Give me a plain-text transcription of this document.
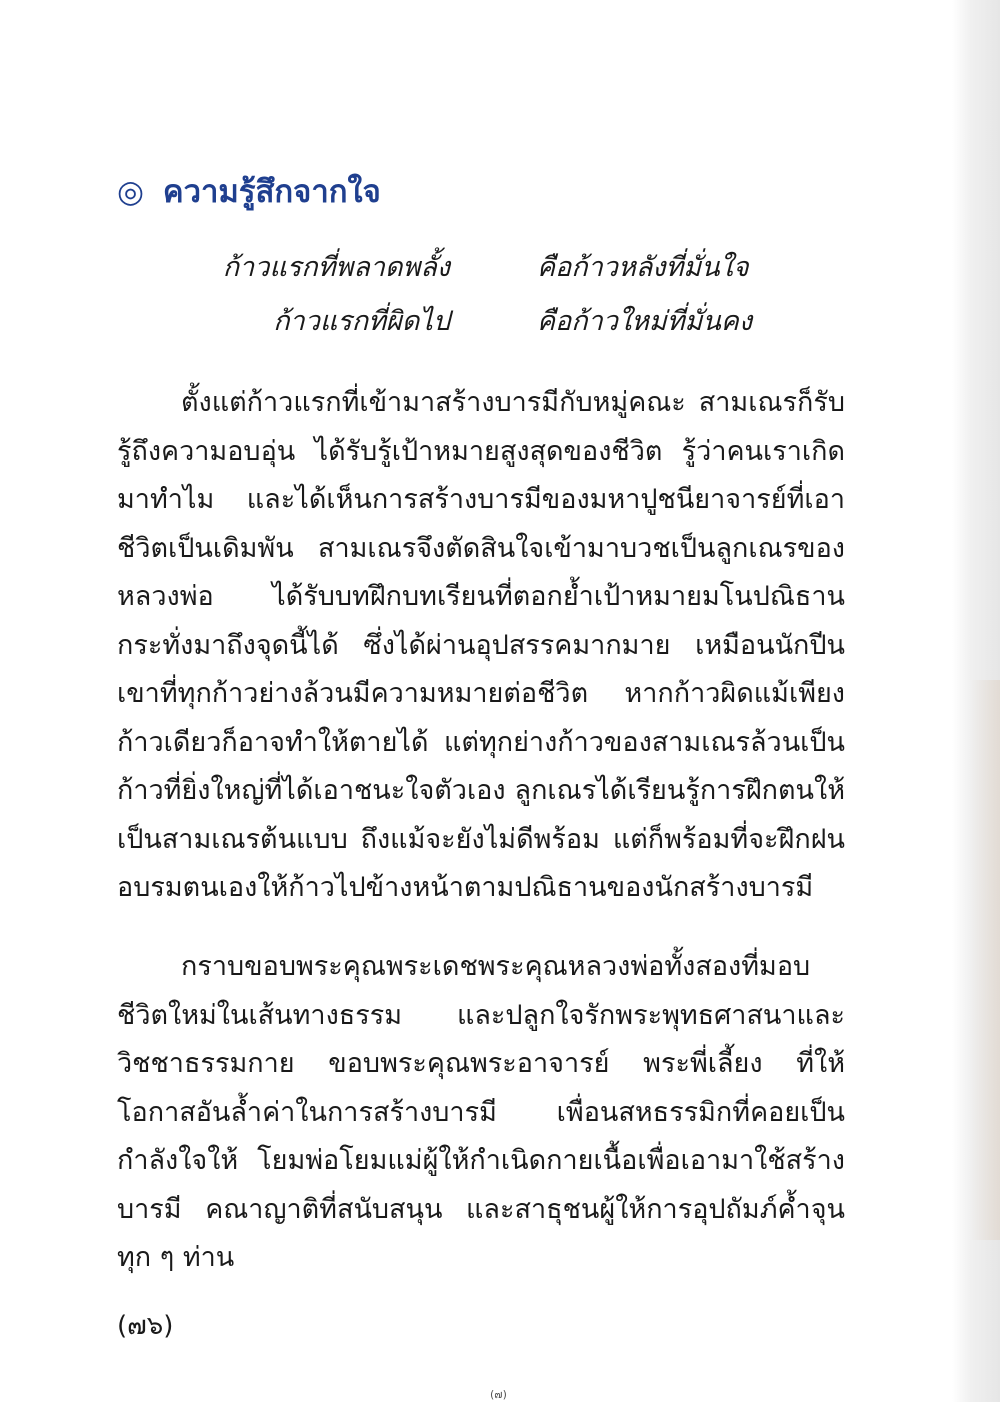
◎ ความรู้สึกจากใจ
ก้าวแรกที่พลาดพลั้ง	คือก้าวหลังที่มั่นใจ
ก้าวแรกที่ผิดไป	คือก้าวใหม่ที่มั่นคง

ตั้งแต่ก้าวแรกที่เข้ามาสร้างบารมีกับหมู่คณะ สามเณรก็รับรู้ถึงความอบอุ่น ได้รับรู้เป้าหมายสูงสุดของชีวิต รู้ว่าคนเราเกิดมาทำไม และได้เห็นการสร้างบารมีของมหาปูชนียาจารย์ที่เอาชีวิตเป็นเดิมพัน สามเณรจึงตัดสินใจเข้ามาบวชเป็นลูกเณรของหลวงพ่อ ได้รับบทฝึกบทเรียนที่ตอกย้ำเป้าหมายมโนปณิธานกระทั่งมาถึงจุดนี้ได้ ซึ่งได้ผ่านอุปสรรคมากมาย เหมือนนักปีนเขาที่ทุกก้าวย่างล้วนมีความหมายต่อชีวิต หากก้าวผิดแม้เพียงก้าวเดียวก็อาจทำให้ตายได้ แต่ทุกย่างก้าวของสามเณรล้วนเป็นก้าวที่ยิ่งใหญ่ที่ได้เอาชนะใจตัวเอง ลูกเณรได้เรียนรู้การฝึกตนให้เป็นสามเณรต้นแบบ ถึงแม้จะยังไม่ดีพร้อม แต่ก็พร้อมที่จะฝึกฝนอบรมตนเองให้ก้าวไปข้างหน้าตามปณิธานของนักสร้างบารมี

กราบขอบพระคุณพระเดชพระคุณหลวงพ่อทั้งสองที่มอบชีวิตใหม่ในเส้นทางธรรม และปลูกใจรักพระพุทธศาสนาและวิชชาธรรมกาย ขอบพระคุณพระอาจารย์ พระพี่เลี้ยง ที่ให้โอกาสอันล้ำค่าในการสร้างบารมี เพื่อนสหธรรมิกที่คอยเป็นกำลังใจให้ โยมพ่อโยมแม่ผู้ให้กำเนิดกายเนื้อเพื่อเอามาใช้สร้างบารมี คณาญาติที่สนับสนุน และสาธุชนผู้ให้การอุปถัมภ์ค้ำจุนทุก ๆ ท่าน

(๗๖)
(๗)
